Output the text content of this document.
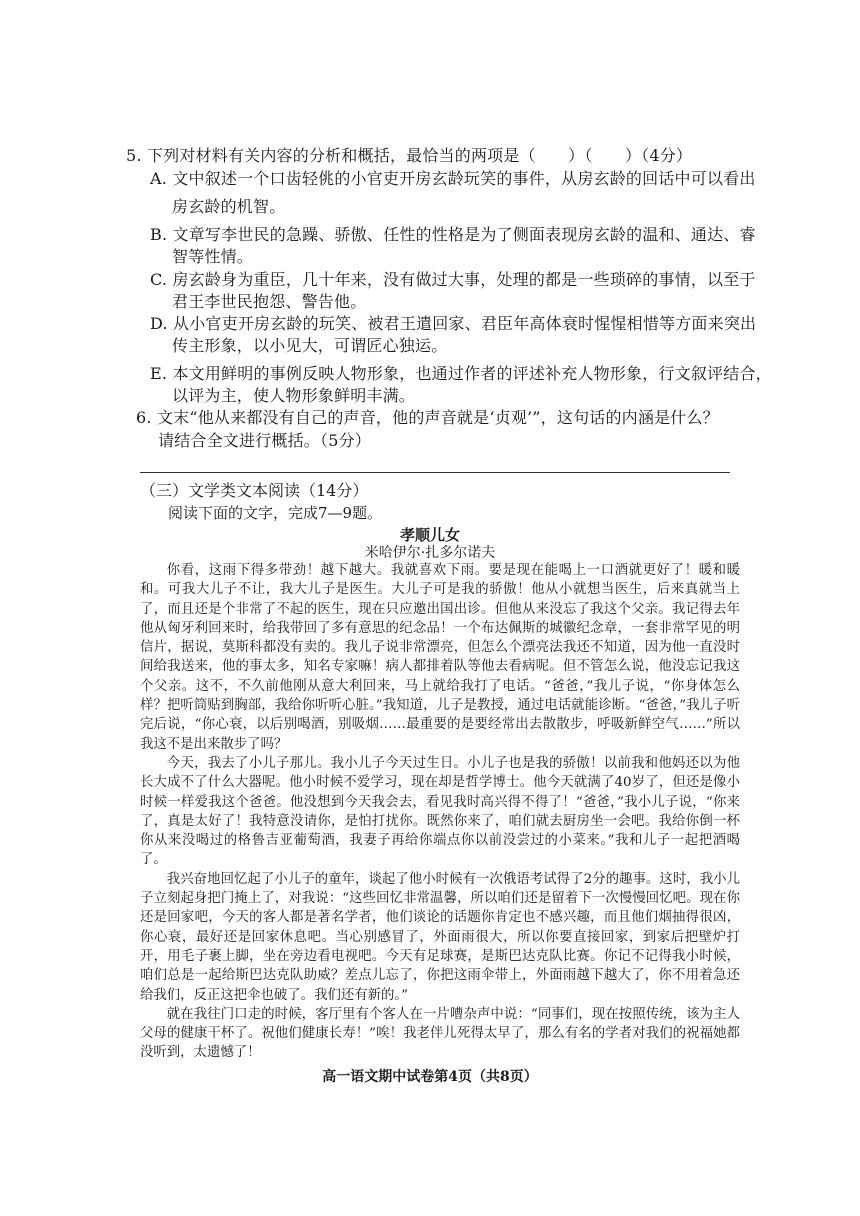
5. 下列对材料有关内容的分析和概括，最恰当的两项是（　　）（　　）（4分）
A. 文中叙述一个口齿轻佻的小官吏开房玄龄玩笑的事件，从房玄龄的回话中可以看出
房玄龄的机智。
B. 文章写李世民的急躁、骄傲、任性的性格是为了侧面表现房玄龄的温和、通达、睿
智等性情。
C. 房玄龄身为重臣，几十年来，没有做过大事，处理的都是一些琐碎的事情，以至于
君王李世民抱怨、警告他。
D. 从小官吏开房玄龄的玩笑、被君王遣回家、君臣年高体衰时惺惺相惜等方面来突出
传主形象，以小见大，可谓匠心独运。
E. 本文用鲜明的事例反映人物形象，也通过作者的评述补充人物形象，行文叙评结合，
以评为主，使人物形象鲜明丰满。
6. 文末“他从来都没有自己的声音，他的声音就是‘贞观’”，这句话的内涵是什么？
请结合全文进行概括。（5分）
（三）文学类文本阅读（14分）
阅读下面的文字，完成7—9题。
孝顺儿女
米哈伊尔·扎多尔诺夫

你看，这雨下得多带劲！越下越大。我就喜欢下雨。要是现在能喝上一口酒就更好了！暖和暖和。可我大儿子不让，我大儿子是医生。大儿子可是我的骄傲！他从小就想当医生，后来真就当上了，而且还是个非常了不起的医生，现在只应邀出国出诊。但他从来没忘了我这个父亲。我记得去年他从匈牙利回来时，给我带回了多有意思的纪念品！一个布达佩斯的城徽纪念章，一套非常罕见的明信片，据说，莫斯科都没有卖的。我儿子说非常漂亮，但怎么个漂亮法我还不知道，因为他一直没时间给我送来，他的事太多，知名专家嘛！病人都排着队等他去看病呢。但不管怎么说，他没忘记我这个父亲。这不，不久前他刚从意大利回来，马上就给我打了电话。“爸爸，”我儿子说，“你身体怎么样？把听筒贴到胸部，我给你听听心脏。”我知道，儿子是教授，通过电话就能诊断。“爸爸，”我儿子听完后说，“你心衰，以后别喝酒，别吸烟……最重要的是要经常出去散散步，呼吸新鲜空气……”所以我这不是出来散步了吗？

今天，我去了小儿子那儿。我小儿子今天过生日。小儿子也是我的骄傲！以前我和他妈还以为他长大成不了什么大器呢。他小时候不爱学习，现在却是哲学博士。他今天就满了40岁了，但还是像小时候一样爱我这个爸爸。他没想到今天我会去，看见我时高兴得不得了！“爸爸，”我小儿子说，“你来了，真是太好了！我特意没请你，是怕打扰你。既然你来了，咱们就去厨房坐一会吧。我给你倒一杯你从来没喝过的格鲁吉亚葡萄酒，我妻子再给你端点你以前没尝过的小菜来。”我和儿子一起把酒喝了。

我兴奋地回忆起了小儿子的童年，谈起了他小时候有一次俄语考试得了2分的趣事。这时，我小儿子立刻起身把门掩上了，对我说：“这些回忆非常温馨，所以咱们还是留着下一次慢慢回忆吧。现在你还是回家吧，今天的客人都是著名学者，他们谈论的话题你肯定也不感兴趣，而且他们烟抽得很凶，你心衰，最好还是回家休息吧。当心别感冒了，外面雨很大，所以你要直接回家，到家后把壁炉打开，用毛子裹上脚，坐在旁边看电视吧。今天有足球赛，是斯巴达克队比赛。你记不记得我小时候，咱们总是一起给斯巴达克队助威？差点儿忘了，你把这雨伞带上，外面雨越下越大了，你不用着急还给我们，反正这把伞也破了。我们还有新的。”

就在我往门口走的时候，客厅里有个客人在一片嘈杂声中说：“同事们，现在按照传统，该为主人父母的健康干杯了。祝他们健康长寿！”唉！我老伴儿死得太早了，那么有名的学者对我们的祝福她都没听到，太遗憾了！

高一语文期中试卷第4页（共8页）
